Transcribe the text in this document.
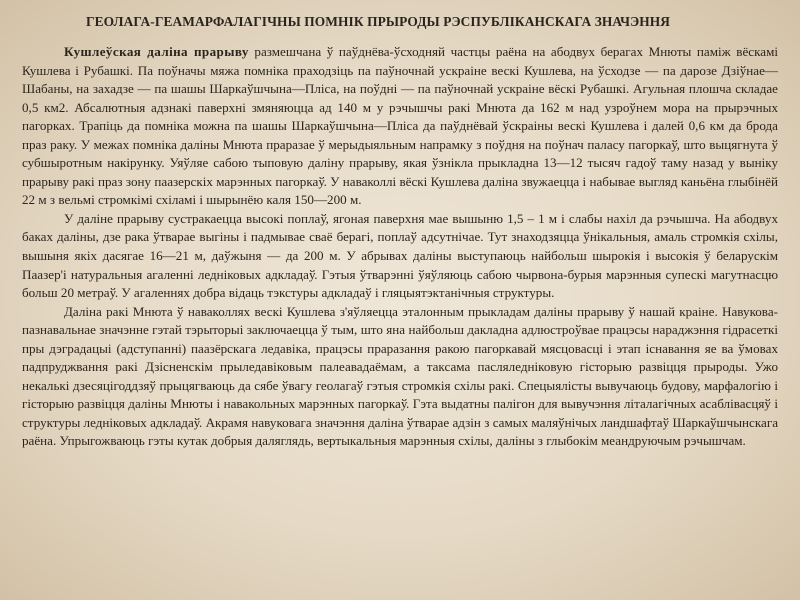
ГЕОЛАГА-ГЕАМАРФАЛАГІЧНЫ ПОМНІК ПРЫРОДЫ РЭСПУБЛІКАНСКАГА ЗНАЧЭННЯ

Кушлеўская даліна прарыву размешчана ў паўднёва-ўсходняй частцы раёна на абодвух берагах Мнюты паміж вёскамі Кушлева і Рубашкі. Па поўначы мяжа помніка праходзіць па паўночнай ускраіне вескі Кушлева, на ўсходзе — па дарозе Дзіўнае—Шабаны, на захадзе — па шашы Шаркаўшчына—Пліса, на поўдні — па паўночнай ускраіне вёскі Рубашкі. Агульная плошча складае 0,5 км2. Абсалютныя адзнакі паверхні змяняюцца ад 140 м у рэчышчы ракі Мнюта да 162 м над узроўнем мора на прырэчных пагорках. Трапіць да помніка можна па шашы Шаркаўшчына—Пліса да паўднёвай ўскраіны вескі Кушлева і далей 0,6 км да брода праз раку. У межах помніка даліны Мнюта праразае ў мерыдыяльным напрамку з поўдня на поўнач паласу пагоркаў, што выцягнута ў субшыротным накірунку. Уяўляе сабою тыповую даліну прарыву, якая ўзнікла прыкладна 13—12 тысяч гадоў таму назад у выніку прарыву ракі праз зону паазерскіх марэнных пагоркаў. У наваколлі вёскі Кушлева даліна звужаецца і набывае выгляд каньёна глыбінёй 22 м з вельмі стромкімі схіламі і шырынёю каля 150—200 м.

У даліне прарыву сустракаецца высокі поплаў, ягоная паверхня мае вышыню 1,5 – 1 м і слабы нахіл да рэчышча. На абодвух баках даліны, дзе рака ўтварае выгіны і падмывае сваё берагі, поплаў адсутнічае. Тут знаходзяцца ўнікальныя, амаль стромкія схілы, вышыня якіх дасягае 16—21 м, даўжыня — да 200 м. У абрывах даліны выступаюць найбольш шырокія і высокія ў беларускім Паазер'і натуральныя агаленні ледніковых адкладаў. Гэтыя ўтварэнні ўяўляюць сабою чырвона-бурыя марэнныя супескі магутнасцю больш 20 метраў. У агаленнях добра відаць тэкстуры адкладаў і гляцыятэктанічныя структуры.

Даліна ракі Мнюта ў наваколлях вескі Кушлева з'яўляецца эталонным прыкладам даліны прарыву ў нашай краіне. Навукова-пазнавальнае значэнне гэтай тэрыторыі заключаецца ў тым, што яна найбольш дакладна адлюстроўвае працэсы нараджэння гідрасеткі пры дэградацыі (адступанні) паазёрскага ледавіка, працэсы праразання ракою пагоркавай мясцовасці і этап існавання яе ва ўмовах падпруджвання ракі Дзісненскім прыледавіковым палеавадаёмам, а таксама пасляледніковую гісторыю развіцця прыроды. Ужо некалькі дзесяцігоддзяў прыцягваюць да сябе ўвагу геолагаў гэтыя стромкія схілы ракі. Спецыялісты вывучаюць будову, марфалогію і гісторыю развіцця даліны Мнюты і навакольных марэнных пагоркаў. Гэта выдатны палігон для вывучэння літалагічных асаблівасцяў і структуры ледніковых адкладаў. Акрамя навуковага значэння даліна ўтварае адзін з самых маляўнічых ландшафтаў Шаркаўшчынскага раёна. Упрыгожваюць гэты кутак добрыя даляглядь, вертыкальныя марэнныя схілы, даліны з глыбокім меандруючым рэчышчам.
